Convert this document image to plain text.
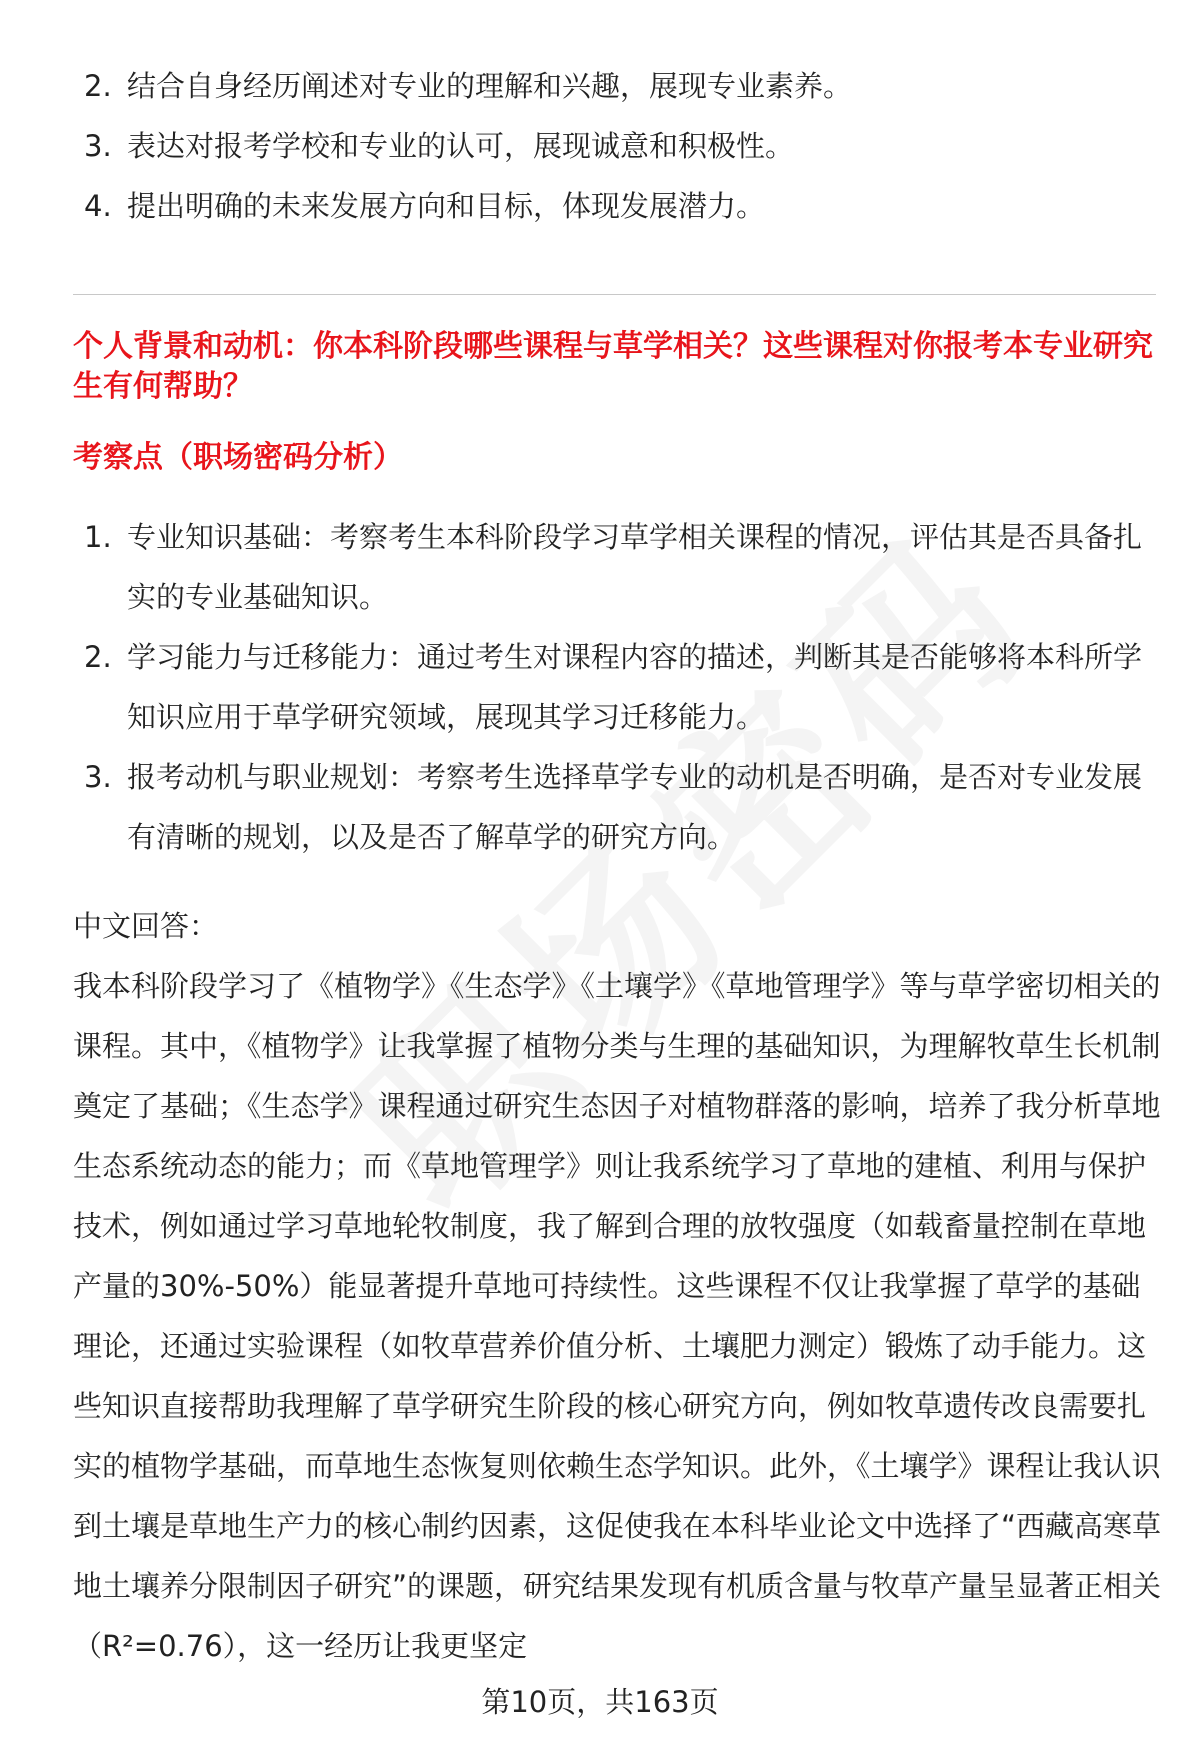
2. 结合自身经历阐述对专业的理解和兴趣，展现专业素养。
3. 表达对报考学校和专业的认可，展现诚意和积极性。
4. 提出明确的未来发展方向和目标，体现发展潜力。
个人背景和动机：你本科阶段哪些课程与草学相关？这些课程对你报考本专业研究生有何帮助？
考察点（职场密码分析）
1. 专业知识基础：考察考生本科阶段学习草学相关课程的情况，评估其是否具备扎实的专业基础知识。
2. 学习能力与迁移能力：通过考生对课程内容的描述，判断其是否能够将本科所学知识应用于草学研究领域，展现其学习迁移能力。
3. 报考动机与职业规划：考察考生选择草学专业的动机是否明确，是否对专业发展有清晰的规划，以及是否了解草学的研究方向。
中文回答：
我本科阶段学习了《植物学》《生态学》《土壤学》《草地管理学》等与草学密切相关的课程。其中，《植物学》让我掌握了植物分类与生理的基础知识，为理解牧草生长机制奠定了基础；《生态学》课程通过研究生态因子对植物群落的影响，培养了我分析草地生态系统动态的能力；而《草地管理学》则让我系统学习了草地的建植、利用与保护技术，例如通过学习草地轮牧制度，我了解到合理的放牧强度（如载畜量控制在草地产量的30%-50%）能显著提升草地可持续性。这些课程不仅让我掌握了草学的基础理论，还通过实验课程（如牧草营养价值分析、土壤肥力测定）锻炼了动手能力。这些知识直接帮助我理解了草学研究生阶段的核心研究方向，例如牧草遗传改良需要扎实的植物学基础，而草地生态恢复则依赖生态学知识。此外，《土壤学》课程让我认识到土壤是草地生产力的核心制约因素，这促使我在本科毕业论文中选择了“西藏高寒草地土壤养分限制因子研究”的课题，研究结果发现有机质含量与牧草产量呈显著正相关（R²=0.76），这一经历让我更坚定
第10页，共163页
